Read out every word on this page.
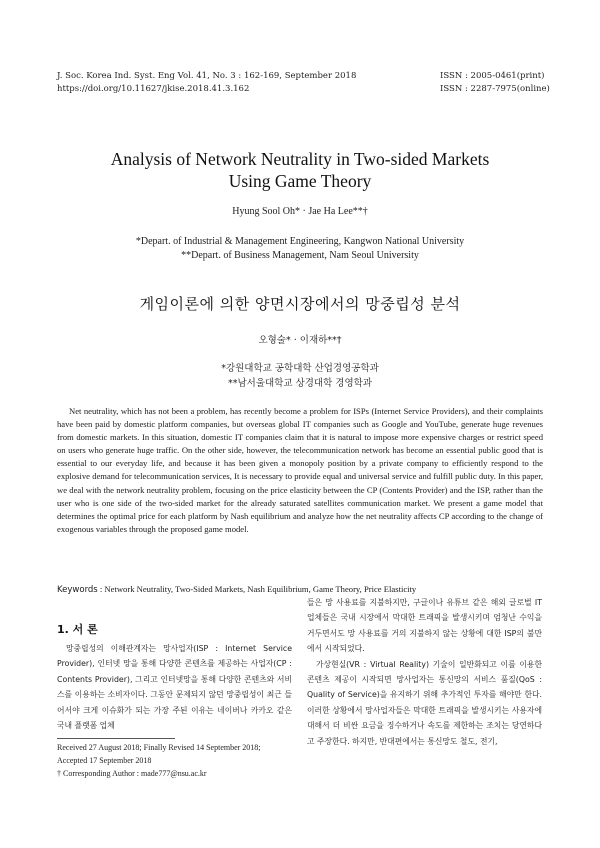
J. Soc. Korea Ind. Syst. Eng Vol. 41, No. 3 : 162-169, September 2018
https://doi.org/10.11627/jkise.2018.41.3.162
ISSN : 2005-0461(print)
ISSN : 2287-7975(online)
Analysis of Network Neutrality in Two-sided Markets
Using Game Theory
Hyung Sool Oh* · Jae Ha Lee**†
*Depart. of Industrial & Management Engineering, Kangwon National University
**Depart. of Business Management, Nam Seoul University
게임이론에 의한 양면시장에서의 망중립성 분석
오형술* · 이재하**†
*강원대학교 공학대학 산업경영공학과
**남서울대학교 상경대학 경영학과

Net neutrality, which has not been a problem, has recently become a problem for ISPs (Internet Service Providers), and their complaints have been paid by domestic platform companies, but overseas global IT companies such as Google and YouTube, generate huge revenues from domestic markets. In this situation, domestic IT companies claim that it is natural to impose more expensive charges or restrict speed on users who generate huge traffic. On the other side, however, the telecommunication network has become an essential public good that is essential to our everyday life, and because it has been given a monopoly position by a private company to efficiently respond to the explosive demand for telecommunication services, It is necessary to provide equal and universal service and fulfill public duty. In this paper, we deal with the network neutrality problem, focusing on the price elasticity between the CP (Contents Provider) and the ISP, rather than the user who is one side of the two-sided market for the already saturated satellites communication market. We present a game model that determines the optimal price for each platform by Nash equilibrium and analyze how the net neutrality affects CP according to the change of exogenous variables through the proposed game model.

Keywords : Network Neutrality, Two-Sided Markets, Nash Equilibrium, Game Theory, Price Elasticity
1. 서 론

망중립성의 이해관계자는 망사업자(ISP : Internet Service Provider), 인터넷 망을 통해 다양한 콘텐츠를 제공하는 사업자(CP : Contents Provider), 그리고 인터넷망을 통해 다양한 콘텐츠와 서비스를 이용하는 소비자이다. 그동안 문제되지 않던 망중립성이 최근 들어서야 크게 이슈화가 되는 가장 주된 이유는 네이버나 카카오 같은 국내 플랫폼 업체

들은 망 사용료를 지불하지만, 구글이나 유튜브 같은 해외 글로벌 IT업체들은 국내 시장에서 막대한 트래픽을 발생시키며 엄청난 수익을 거두면서도 망 사용료를 거의 지불하지 않는 상황에 대한 ISP의 불만에서 시작되었다.

가상현실(VR : Virtual Reality) 기술이 일반화되고 이를 이용한 콘텐츠 제공이 시작되면 망사업자는 통신망의 서비스 품질(QoS : Quality of Service)을 유지하기 위해 추가적인 투자를 해야만 한다. 이러한 상황에서 망사업자들은 막대한 트래픽을 발생시키는 사용자에 대해서 더 비싼 요금을 징수하거나 속도를 제한하는 조치는 당연하다고 주장한다. 하지만, 반대편에서는 통신망도 철도, 전기,

Received 27 August 2018; Finally Revised 14 September 2018;
Accepted 17 September 2018
† Corresponding Author : made777@nsu.ac.kr
